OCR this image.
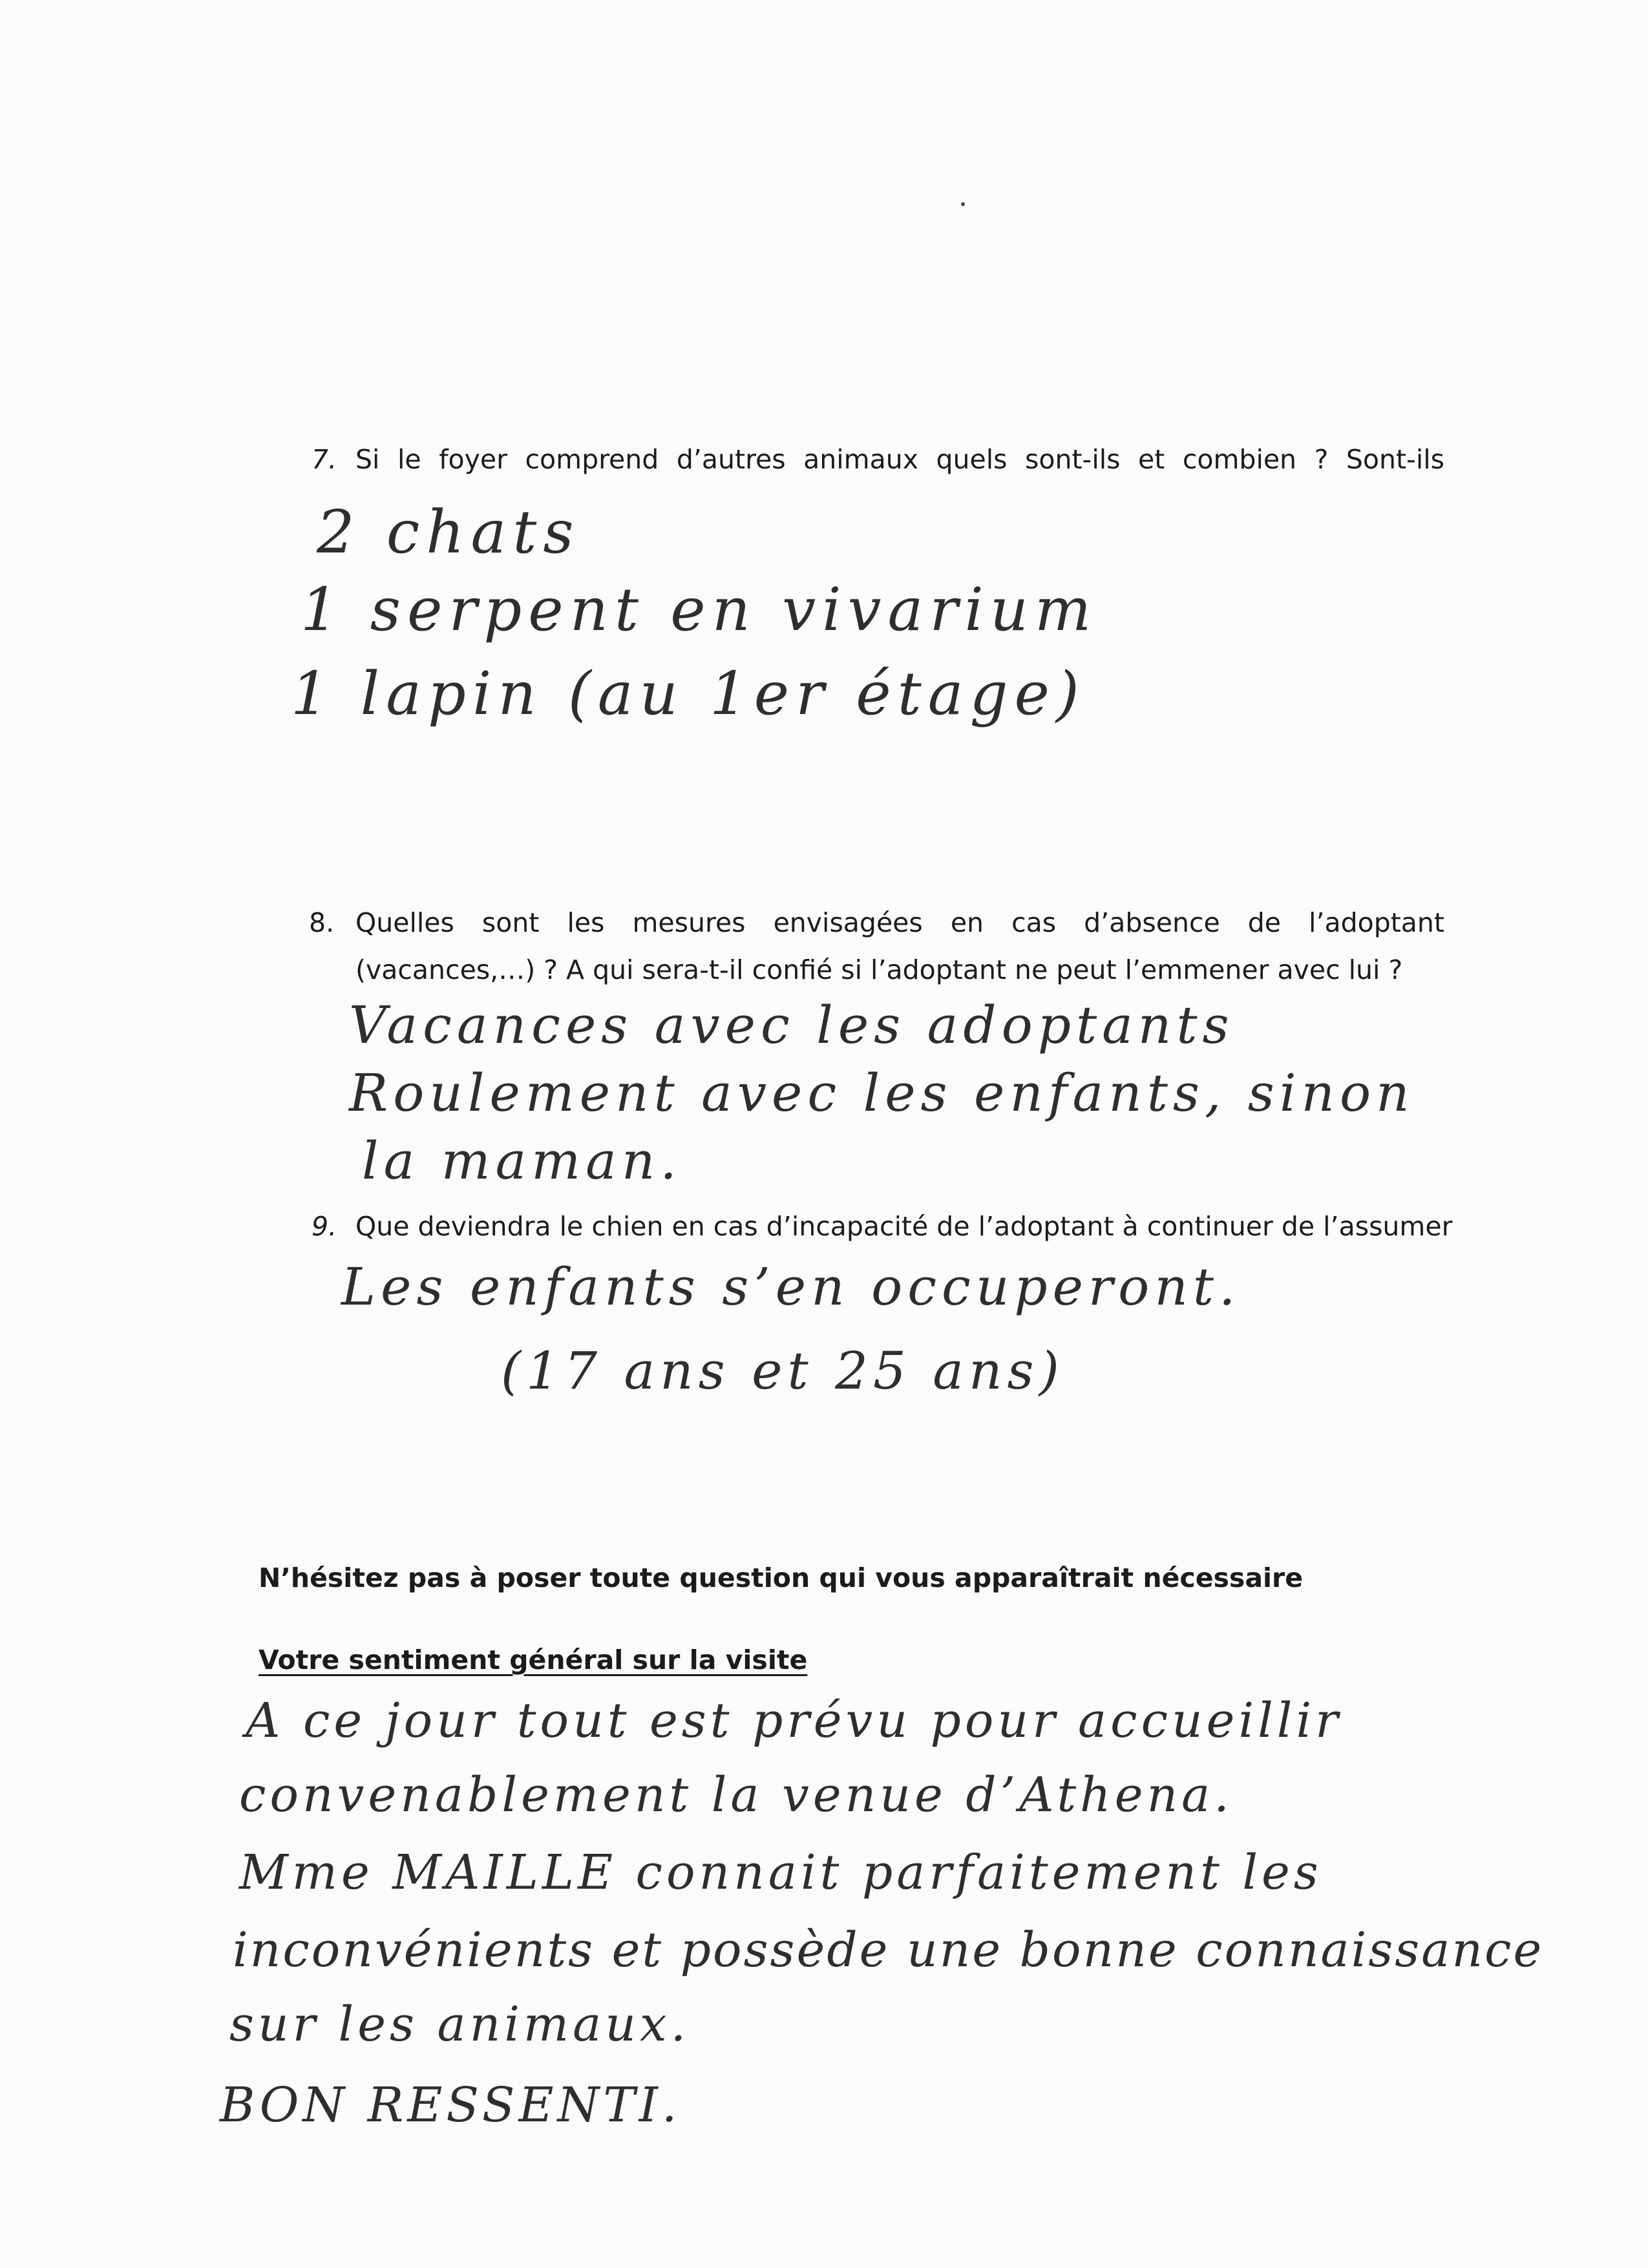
7. Si le foyer comprend d’autres animaux quels sont-ils et combien ? Sont-ils
2 chats
1 serpent en vivarium
1 lapin (au 1er étage)
8. Quelles sont les mesures envisagées en cas d’absence de l’adoptant
(vacances,…) ? A qui sera-t-il confié si l’adoptant ne peut l’emmener avec lui ?
Vacances avec les adoptants
Roulement avec les enfants, sinon
la maman.
9. Que deviendra le chien en cas d’incapacité de l’adoptant à continuer de l’assumer
Les enfants s’en occuperont.
(17 ans et 25 ans)
N’hésitez pas à poser toute question qui vous apparaîtrait nécessaire
Votre sentiment général sur la visite
A ce jour tout est prévu pour accueillir
convenablement la venue d’Athena.
Mme MAILLE connait parfaitement les
inconvénients et possède une bonne connaissance
sur les animaux.
BON RESSENTI.
